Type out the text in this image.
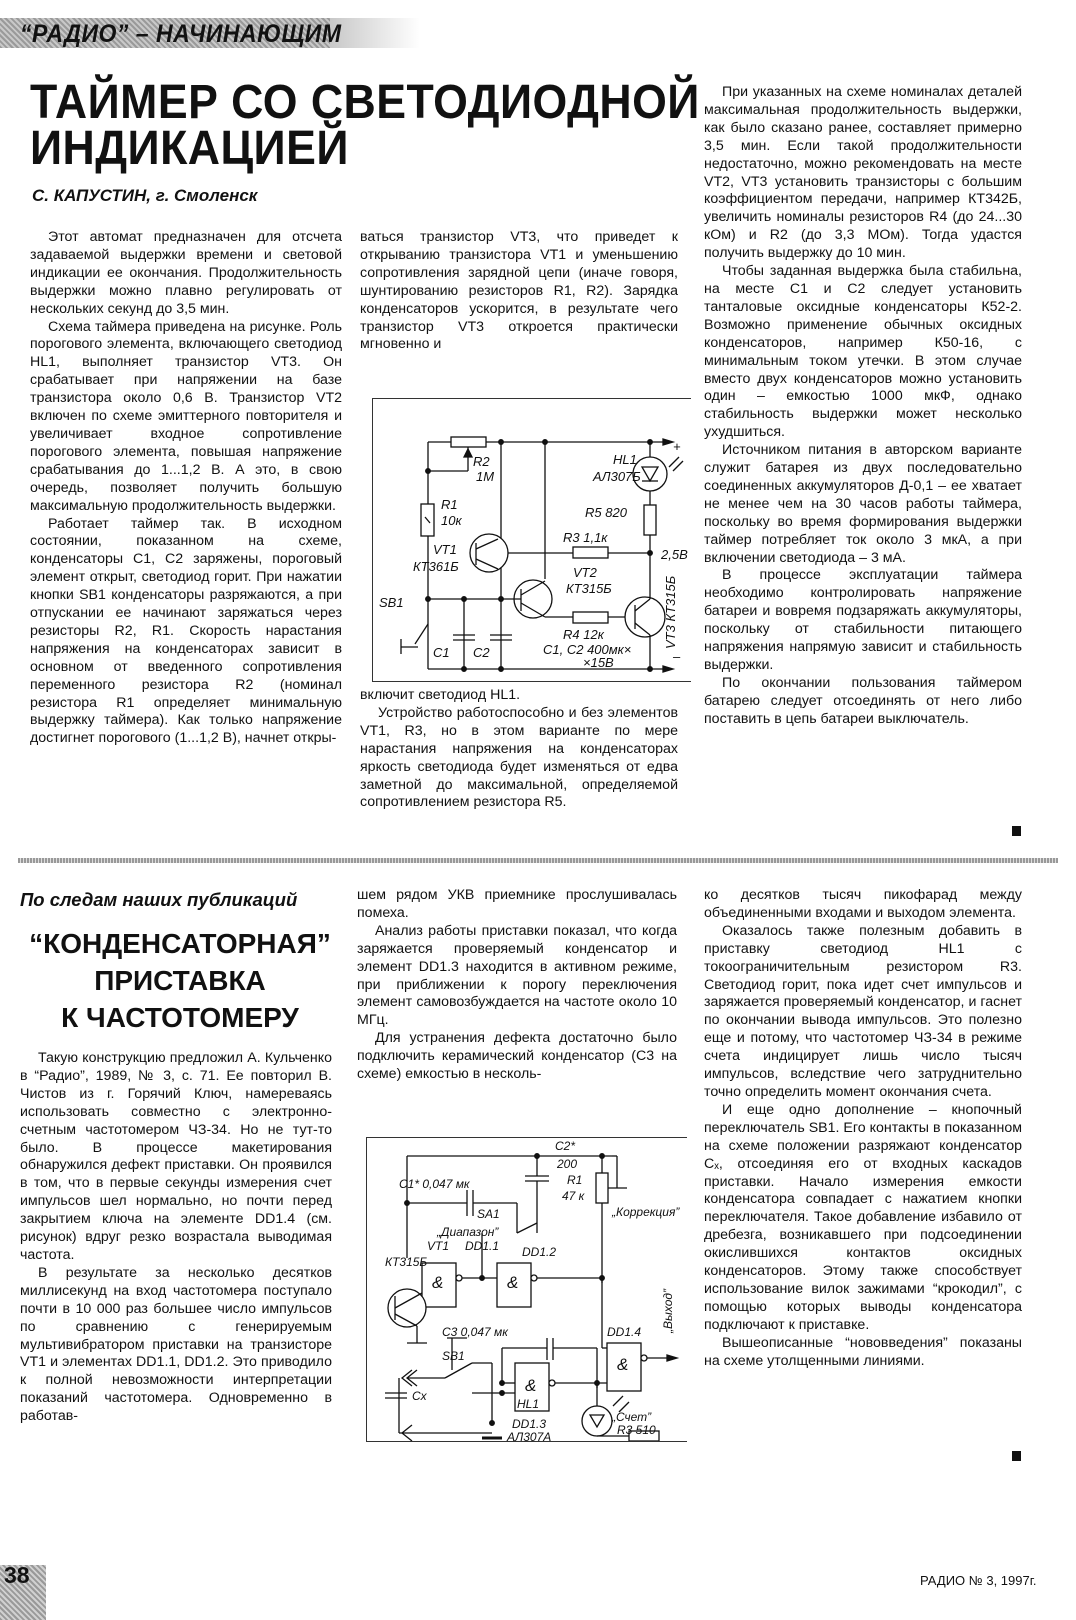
“РАДИО” – НАЧИНАЮЩИМ
ТАЙМЕР СО СВЕТОДИОДНОЙ
ИНДИКАЦИЕЙ
С. КАПУСТИН, г. Смоленск

Этот автомат предназначен для отсчета задаваемой выдержки времени и световой индикации ее окончания. Продолжительность выдержки можно плавно регулировать от нескольких секунд до 3,5 мин.

Схема таймера приведена на рисунке. Роль порогового элемента, включающего светодиод HL1, выполняет транзистор VT3. Он срабатывает при напряжении на базе транзистора около 0,6 В. Транзистор VT2 включен по схеме эмиттерного повторителя и увеличивает входное сопротивление порогового элемента, повышая напряжение срабатывания до 1...1,2 В. А это, в свою очередь, позволяет получить большую максимальную продолжительность выдержки.

Работает таймер так. В исходном состоянии, показанном на схеме, конденсаторы С1, С2 заряжены, пороговый элемент открыт, светодиод горит. При нажатии кнопки SB1 конденсаторы разряжаются, а при отпускании ее начинают заряжаться через резисторы R2, R1. Скорость нарастания напряжения на конденсаторах зависит в основном от введенного сопротивления переменного резистора R2 (номинал резистора R1 определяет минимальную выдержку таймера). Как только напряжение достигнет порогового (1...1,2 В), начнет откры-

ваться транзистор VT3, что приведет к открыванию транзистора VT1 и уменьшению сопротивления зарядной цепи (иначе говоря, шунтированию резисторов R1, R2). Зарядка конденсаторов ускорится, в результате чего транзистор VT3 откроется практически мгновенно и

R2
1М
R1
10к
VT1
КТ361Б
HL1
АЛ307Б
R5 820
R3 1,1к
VT2
КТ315Б
R4 12к
C1, C2 400мк×
×15В
SB1
C1 C2
2,5В
+
–
VT3 КТ315Б

включит светодиод HL1.

Устройство работоспособно и без элементов VT1, R3, но в этом варианте по мере нарастания напряжения на конденсаторах яркость светодиода будет изменяться от едва заметной до максимальной, определяемой сопротивлением резистора R5.

При указанных на схеме номиналах деталей максимальная продолжительность выдержки, как было сказано ранее, составляет примерно 3,5 мин. Если такой продолжительности недостаточно, можно рекомендовать на месте VT2, VT3 установить транзисторы с большим коэффициентом передачи, например КТ342Б, увеличить номиналы резисторов R4 (до 24...30 кОм) и R2 (до 3,3 МОм). Тогда удастся получить выдержку до 10 мин.

Чтобы заданная выдержка была стабильна, на месте С1 и С2 следует установить танталовые оксидные конденсаторы К52-2. Возможно применение обычных оксидных конденсаторов, например К50-16, с минимальным током утечки. В этом случае вместо двух конденсаторов можно установить один – емкостью 1000 мкФ, однако стабильность выдержки может несколько ухудшиться.

Источником питания в авторском варианте служит батарея из двух последовательно соединенных аккумуляторов Д-0,1 – ее хватает не менее чем на 30 часов работы таймера, поскольку во время формирования выдержки таймер потребляет ток около 3 мкА, а при включении светодиода – 3 мА.

В процессе эксплуатации таймера необходимо контролировать напряжение батареи и вовремя подзаряжать аккумуляторы, поскольку от стабильности питающего напряжения напрямую зависит и стабильность выдержки.

По окончании пользования таймером батарею следует отсоединять от него либо поставить в цепь батареи выключатель.

По следам наших публикаций
“КОНДЕНСАТОРНАЯ”
ПРИСТАВКА
К ЧАСТОТОМЕРУ

Такую конструкцию предложил А. Кульченко в “Радио”, 1989, № 3, с. 71. Ее повторил В. Чистов из г. Горячий Ключ, намереваясь использовать совместно с электронно-счетным частотомером ЧЗ-34. Но не тут-то было. В процессе макетирования обнаружился дефект приставки. Он проявился в том, что в первые секунды измерения счет импульсов шел нормально, но почти перед закрытием ключа на элементе DD1.4 (см. рисунок) вдруг резко возрастала выводимая частота.

В результате за несколько десятков миллисекунд на вход частотомера поступало почти в 10 000 раз большее число импульсов по сравнению с генерируемым мультивибратором приставки на транзисторе VT1 и элементах DD1.1, DD1.2. Это приводило к полной невозможности интерпретации показаний частотомера. Одновременно в работав-

шем рядом УКВ приемнике прослушивалась помеха.

Анализ работы приставки показал, что когда заряжается проверяемый конденсатор и элемент DD1.3 находится в активном режиме, при приближении к порогу переключения элемент самовозбуждается на частоте около 10 МГц.

Для устранения дефекта достаточно было подключить керамический конденсатор (С3 на схеме) емкостью в несколь-

C1* 0,047 мк
C2*
200
R1
47 к
„Коррекция”
SA1
„Диапазон”
VT1
КТ315Б
DD1.1 DD1.2
&	&
&
&
C3 0,047 мк
SB1
Cx
DD1.3
DD1.4
HL1
АЛ307А
„Счет”
R3 510
„Выход”

ко десятков тысяч пикофарад между объединенными входами и выходом элемента.

Оказалось также полезным добавить в приставку светодиод HL1 с токоограничительным резистором R3. Светодиод горит, пока идет счет импульсов и заряжается проверяемый конденсатор, и гаснет по окончании вывода импульсов. Это полезно еще и потому, что частотомер ЧЗ-34 в режиме счета индицирует лишь число тысяч импульсов, вследствие чего затруднительно точно определить момент окончания счета.

И еще одно дополнение – кнопочный переключатель SB1. Его контакты в показанном на схеме положении разряжают конденсатор Cₓ, отсоединяя его от входных каскадов приставки. Начало измерения емкости конденсатора совпадает с нажатием кнопки переключателя. Такое добавление избавило от дребезга, возникавшего при подсоединении окислившихся контактов оксидных конденсаторов. Этому также способствует использование вилок зажимами “крокодил”, с помощью которых выводы конденсатора подключают к приставке.

Вышеописанные “нововведения” показаны на схеме утолщенными линиями.

38	РАДИО № 3, 1997г.
